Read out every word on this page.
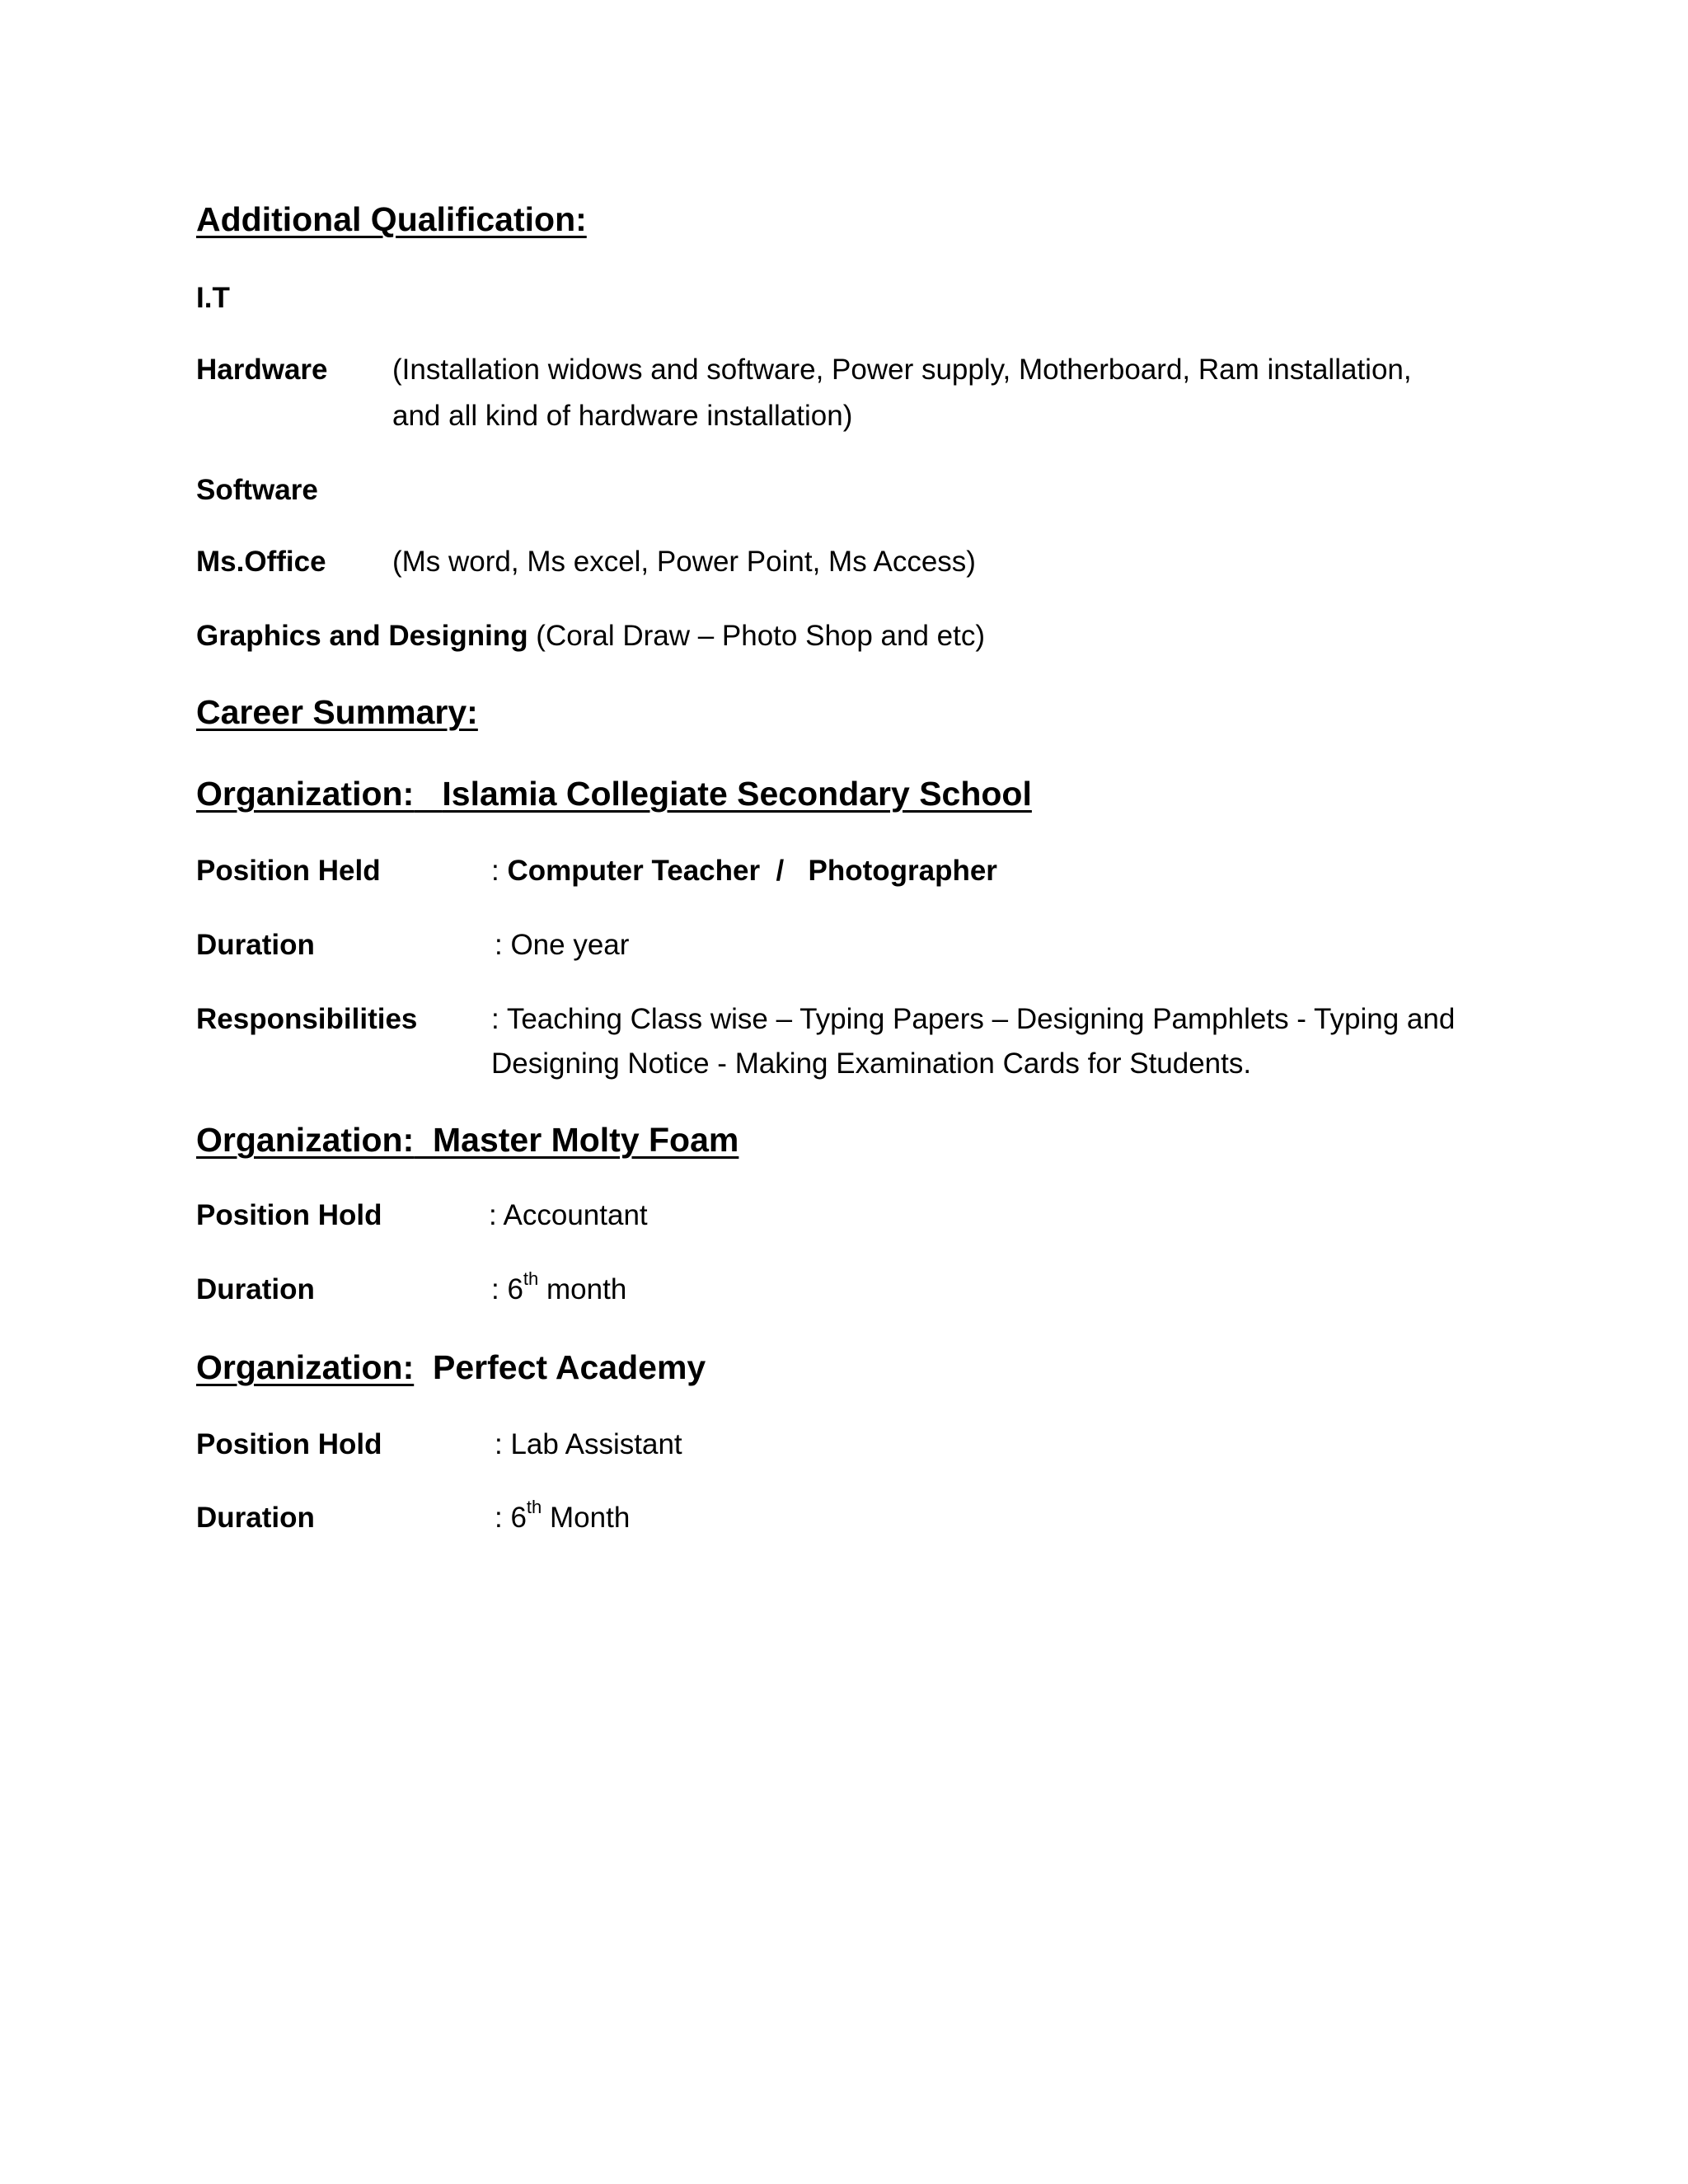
Additional Qualification:
I.T
Hardware (Installation widows and software, Power supply, Motherboard, Ram installation,
and all kind of hardware installation)
Software
Ms.Office (Ms word, Ms excel, Power Point, Ms Access)
Graphics and Designing (Coral Draw – Photo Shop and etc)
Career Summary:
Organization: Islamia Collegiate Secondary School
Position Held	: Computer Teacher  /   Photographer
Duration	: One year
Responsibilities	: Teaching Class wise – Typing Papers – Designing Pamphlets - Typing and
Designing Notice - Making Examination Cards for Students.
Organization: Master Molty Foam
Position Hold	: Accountant
Duration	: 6th month
Organization: Perfect Academy
Position Hold	: Lab Assistant
Duration	: 6th Month
